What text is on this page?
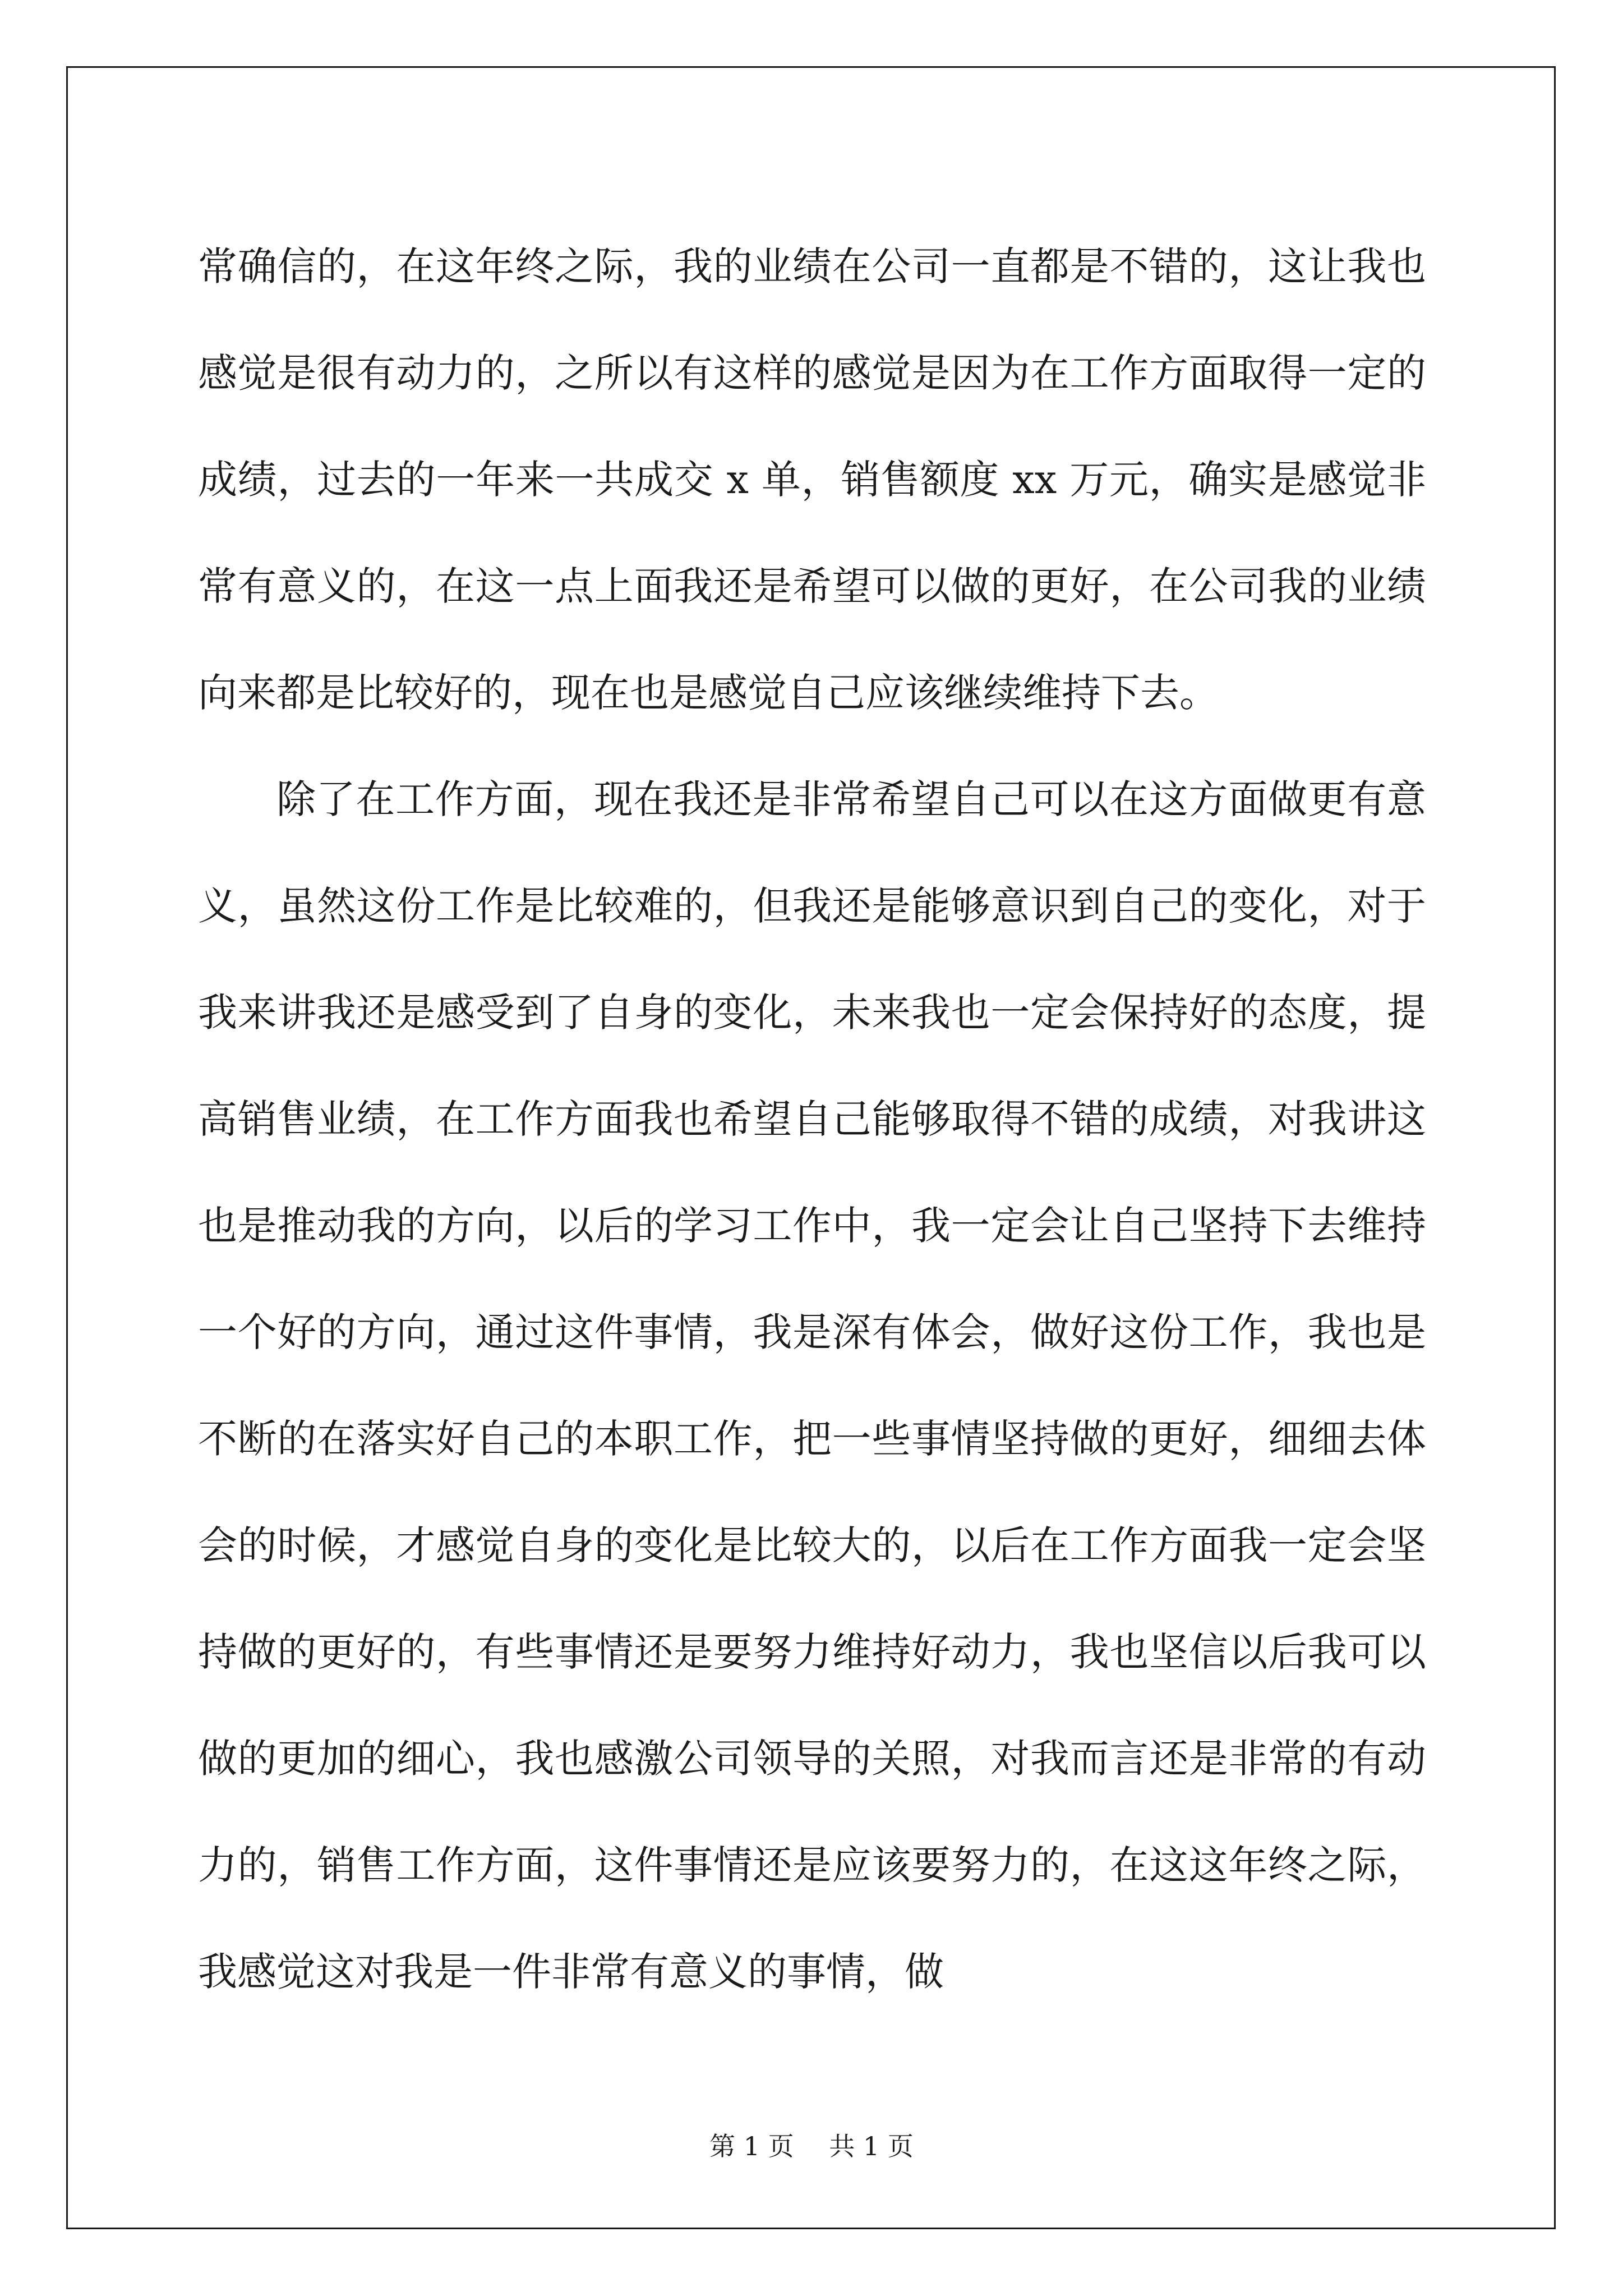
常确信的，在这年终之际，我的业绩在公司一直都是不错的，这让我也感觉是很有动力的，之所以有这样的感觉是因为在工作方面取得一定的成绩，过去的一年来一共成交 x 单，销售额度 xx 万元，确实是感觉非常有意义的，在这一点上面我还是希望可以做的更好，在公司我的业绩向来都是比较好的，现在也是感觉自己应该继续维持下去。

除了在工作方面，现在我还是非常希望自己可以在这方面做更有意义，虽然这份工作是比较难的，但我还是能够意识到自己的变化，对于我来讲我还是感受到了自身的变化，未来我也一定会保持好的态度，提高销售业绩，在工作方面我也希望自己能够取得不错的成绩，对我讲这也是推动我的方向，以后的学习工作中，我一定会让自己坚持下去维持一个好的方向，通过这件事情，我是深有体会，做好这份工作，我也是不断的在落实好自己的本职工作，把一些事情坚持做的更好，细细去体会的时候，才感觉自身的变化是比较大的，以后在工作方面我一定会坚持做的更好的，有些事情还是要努力维持好动力，我也坚信以后我可以做的更加的细心，我也感激公司领导的关照，对我而言还是非常的有动力的，销售工作方面，这件事情还是应该要努力的，在这这年终之际，我感觉这对我是一件非常有意义的事情，做

第 1 页 共 1 页
